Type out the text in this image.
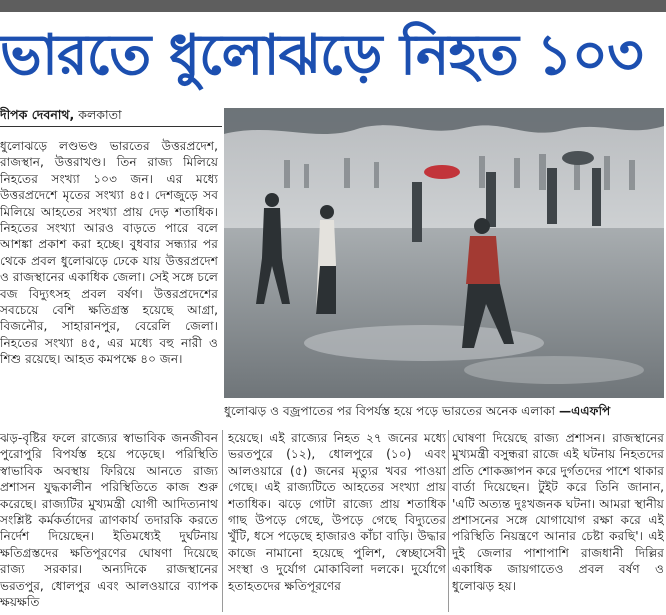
ভারতে ধুলোঝড়ে নিহত ১০৩
দীপক দেবনাথ, কলকাতা

ধুলোঝড়ে লণ্ডভণ্ড ভারতের উত্তরপ্রদেশ, রাজস্থান, উত্তরাখণ্ড। তিন রাজ্য মিলিয়ে নিহতের সংখ্যা ১০৩ জন। এর মধ্যে উত্তরপ্রদেশে মৃতের সংখ্যা ৪৫। দেশজুড়ে সব মিলিয়ে আহতের সংখ্যা প্রায় দেড় শতাধিক। নিহতের সংখ্যা আরও বাড়তে পারে বলে আশঙ্কা প্রকাশ করা হচ্ছে। বুধবার সন্ধ্যার পর থেকে প্রবল ধুলোঝড়ে ঢেকে যায় উত্তরপ্রদেশ ও রাজস্থানের একাধিক জেলা। সেই সঙ্গে চলে বজ বিদ্যুৎসহ প্রবল বর্ষণ। উত্তরপ্রদেশের সবচেয়ে বেশি ক্ষতিগ্রস্ত হয়েছে আগ্রা, বিজনৌর, সাহারানপুর, বেরেলি জেলা। নিহতের সংখ্যা ৪৫, এর মধ্যে বহু নারী ও শিশু রয়েছে। আহত কমপক্ষে ৪০ জন।

ধুলোঝড় ও বজ্রপাতের পর বিপর্যস্ত হয়ে পড়ে ভারতের অনেক এলাকা —এএফপি

ঝড়-বৃষ্টির ফলে রাজ্যের স্বাভাবিক জনজীবন পুরোপুরি বিপর্যস্ত হয়ে পড়েছে। পরিস্থিতি স্বাভাবিক অবস্থায় ফিরিয়ে আনতে রাজ্য প্রশাসন যুদ্ধকালীন পরিস্থিতিতে কাজ শুরু করেছে। রাজ্যটির মুখ্যমন্ত্রী যোগী আদিত্যনাথ সংশ্লিষ্ট কর্মকর্তাদের ত্রাণকার্য তদারকি করতে নির্দেশ দিয়েছেন। ইতিমধ্যেই দুর্ঘটনায় ক্ষতিগ্রস্তদের ক্ষতিপূরণের ঘোষণা দিয়েছে রাজ্য সরকার। অন্যদিকে রাজস্থানের ভরতপুর, ধোলপুর এবং আলওয়ারে ব্যাপক ক্ষয়ক্ষতি

হয়েছে। এই রাজ্যের নিহত ২৭ জনের মধ্যে ভরতপুরে (১২), ধোলপুরে (১০) এবং আলওয়ারে (৫) জনের মৃত্যুর খবর পাওয়া গেছে। এই রাজ্যটিতে আহতের সংখ্যা প্রায় শতাধিক। ঝড়ে গোটা রাজ্যে প্রায় শতাধিক গাছ উপড়ে গেছে, উপড়ে গেছে বিদ্যুতের খুঁটি, ধসে পড়েছে হাজারও কাঁচা বাড়ি। উদ্ধার কাজে নামানো হয়েছে পুলিশ, স্বেচ্ছাসেবী সংস্থা ও দুর্যোগ মোকাবিলা দলকে। দুর্যোগে হতাহতদের ক্ষতিপূরণের

ঘোষণা দিয়েছে রাজ্য প্রশাসন। রাজস্থানের মুখ্যমন্ত্রী বসুন্ধরা রাজে এই ঘটনায় নিহতদের প্রতি শোকজ্ঞাপন করে দুর্গতদের পাশে থাকার বার্তা দিয়েছেন। টুইট করে তিনি জানান, 'এটি অত্যন্ত দুঃখজনক ঘটনা। আমরা স্থানীয় প্রশাসনের সঙ্গে যোগাযোগ রক্ষা করে এই পরিস্থিতি নিয়ন্ত্রণে আনার চেষ্টা করছি'। এই দুই জেলার পাশাপাশি রাজধানী দিল্লির একাধিক জায়গাতেও প্রবল বর্ষণ ও ধুলোঝড় হয়।
